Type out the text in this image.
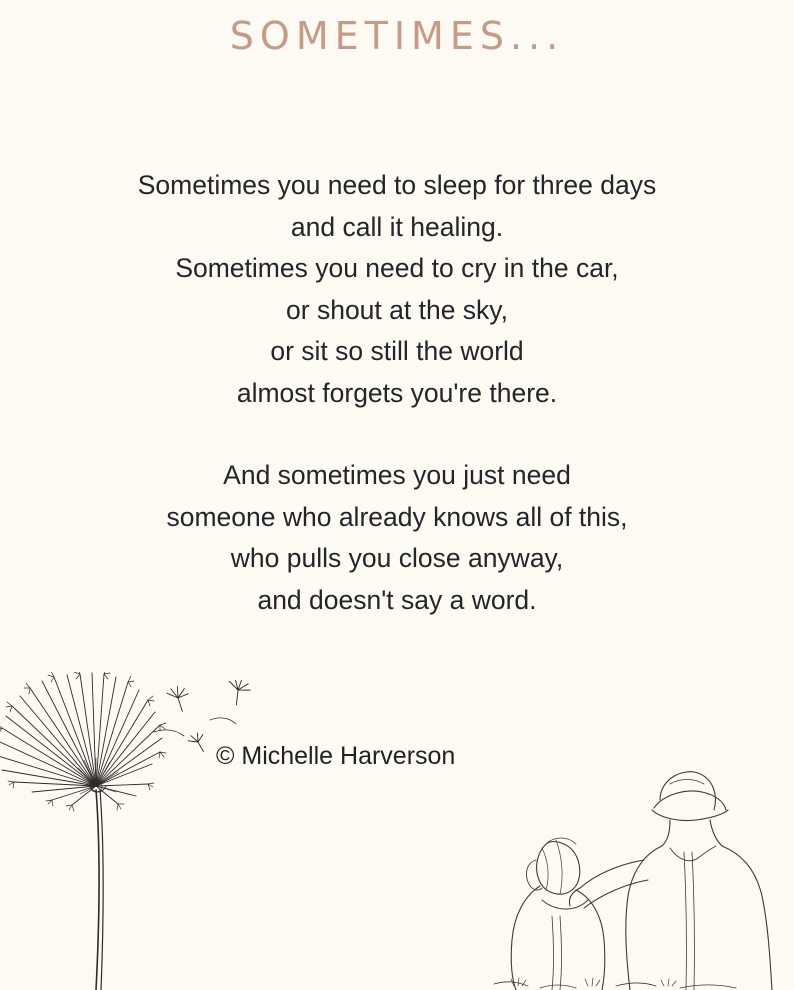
SOMETIMES...
Sometimes you need to sleep for three days
and call it healing.
Sometimes you need to cry in the car,
or shout at the sky,
or sit so still the world
almost forgets you're there.
And sometimes you just need
someone who already knows all of this,
who pulls you close anyway,
and doesn't say a word.
© Michelle Harverson
